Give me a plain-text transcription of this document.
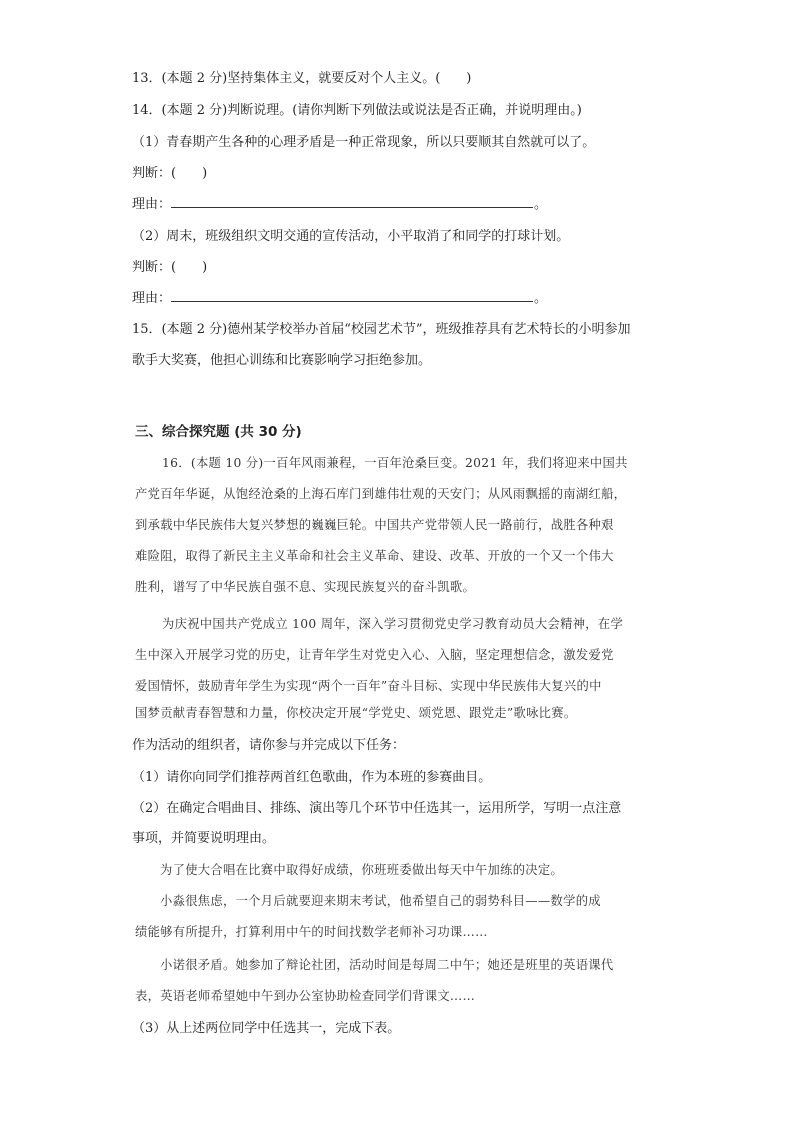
13．(本题 2 分)坚持集体主义，就要反对个人主义。(　　)
14．(本题 2 分)判断说理。(请你判断下列做法或说法是否正确，并说明理由。)
（1）青春期产生各种的心理矛盾是一种正常现象，所以只要顺其自然就可以了。
判断：(　　)
理由：	。
（2）周末，班级组织文明交通的宣传活动，小平取消了和同学的打球计划。
判断：(　　)
理由：	。
15．(本题 2 分)德州某学校举办首届“校园艺术节”，班级推荐具有艺术特长的小明参加
歌手大奖赛，他担心训练和比赛影响学习拒绝参加。
三、综合探究题 (共 30 分)
16．(本题 10 分)一百年风雨兼程，一百年沧桑巨变。2021 年，我们将迎来中国共
产党百年华诞，从饱经沧桑的上海石库门到雄伟壮观的天安门；从风雨飘摇的南湖红船，
到承载中华民族伟大复兴梦想的巍巍巨轮。中国共产党带领人民一路前行，战胜各种艰
难险阻，取得了新民主主义革命和社会主义革命、建设、改革、开放的一个又一个伟大
胜利，谱写了中华民族自强不息、实现民族复兴的奋斗凯歌。
为庆祝中国共产党成立 100 周年，深入学习贯彻党史学习教育动员大会精神，在学
生中深入开展学习党的历史，让青年学生对党史入心、入脑，坚定理想信念，激发爱党
爱国情怀，鼓励青年学生为实现“两个一百年”奋斗目标、实现中华民族伟大复兴的中
国梦贡献青春智慧和力量，你校决定开展“学党史、颂党恩、跟党走”歌咏比赛。
作为活动的组织者，请你参与并完成以下任务：
（1）请你向同学们推荐两首红色歌曲，作为本班的参赛曲目。
（2）在确定合唱曲目、排练、演出等几个环节中任选其一，运用所学，写明一点注意
事项，并简要说明理由。
为了使大合唱在比赛中取得好成绩，你班班委做出每天中午加练的决定。
小淼很焦虑，一个月后就要迎来期末考试，他希望自己的弱势科目——数学的成
绩能够有所提升，打算利用中午的时间找数学老师补习功课……
小诺很矛盾。她参加了辩论社团，活动时间是每周二中午；她还是班里的英语课代
表，英语老师希望她中午到办公室协助检查同学们背课文……
（3）从上述两位同学中任选其一，完成下表。
